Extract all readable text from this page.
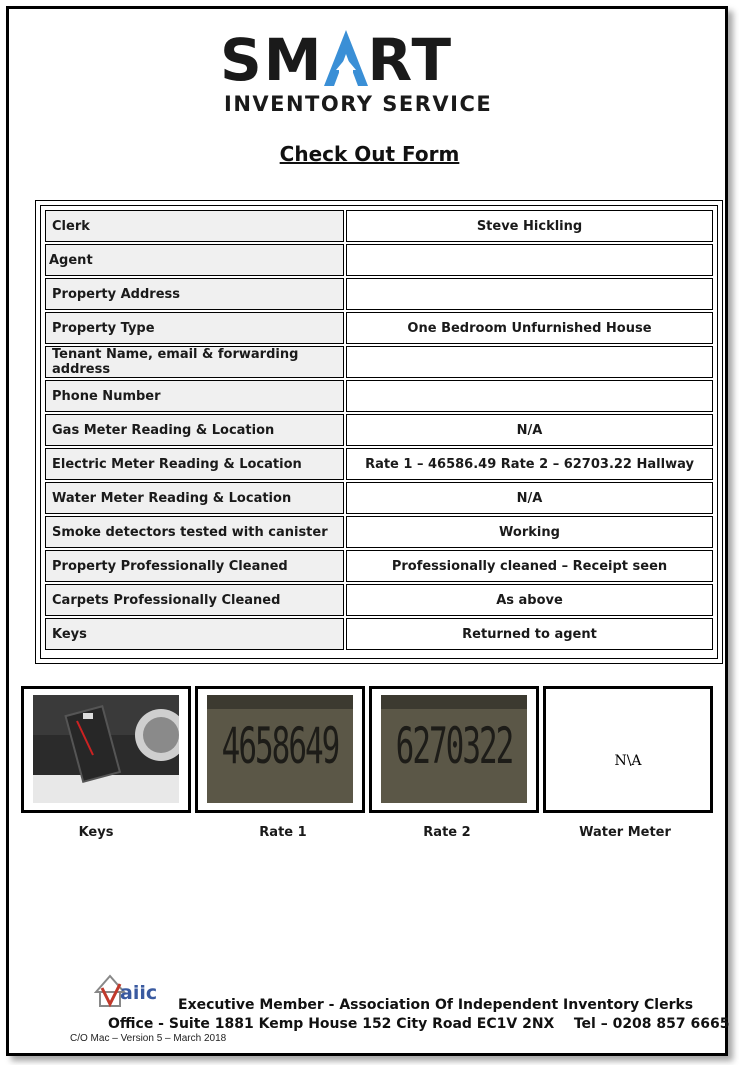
SM RT
INVENTORY SERVICE
Check Out Form
Clerk	Steve Hickling
Agent	
Property Address	
Property Type	One Bedroom Unfurnished House
Tenant Name, email & forwarding address	
Phone Number	
Gas Meter Reading & Location	N/A
Electric Meter Reading & Location	Rate 1 – 46586.49 Rate 2 – 62703.22 Hallway
Water Meter Reading & Location	N/A
Smoke detectors tested with canister	Working
Property Professionally Cleaned	Professionally cleaned – Receipt seen
Carpets Professionally Cleaned	As above
Keys	Returned to agent
4658649	6270322	N\A
Keys	Rate 1	Rate 2	Water Meter
aiic
Executive Member - Association Of Independent Inventory Clerks
Office - Suite 1881 Kemp House 152 City Road EC1V 2NX    Tel – 0208 857 6665
C/O Mac – Version 5 – March 2018
